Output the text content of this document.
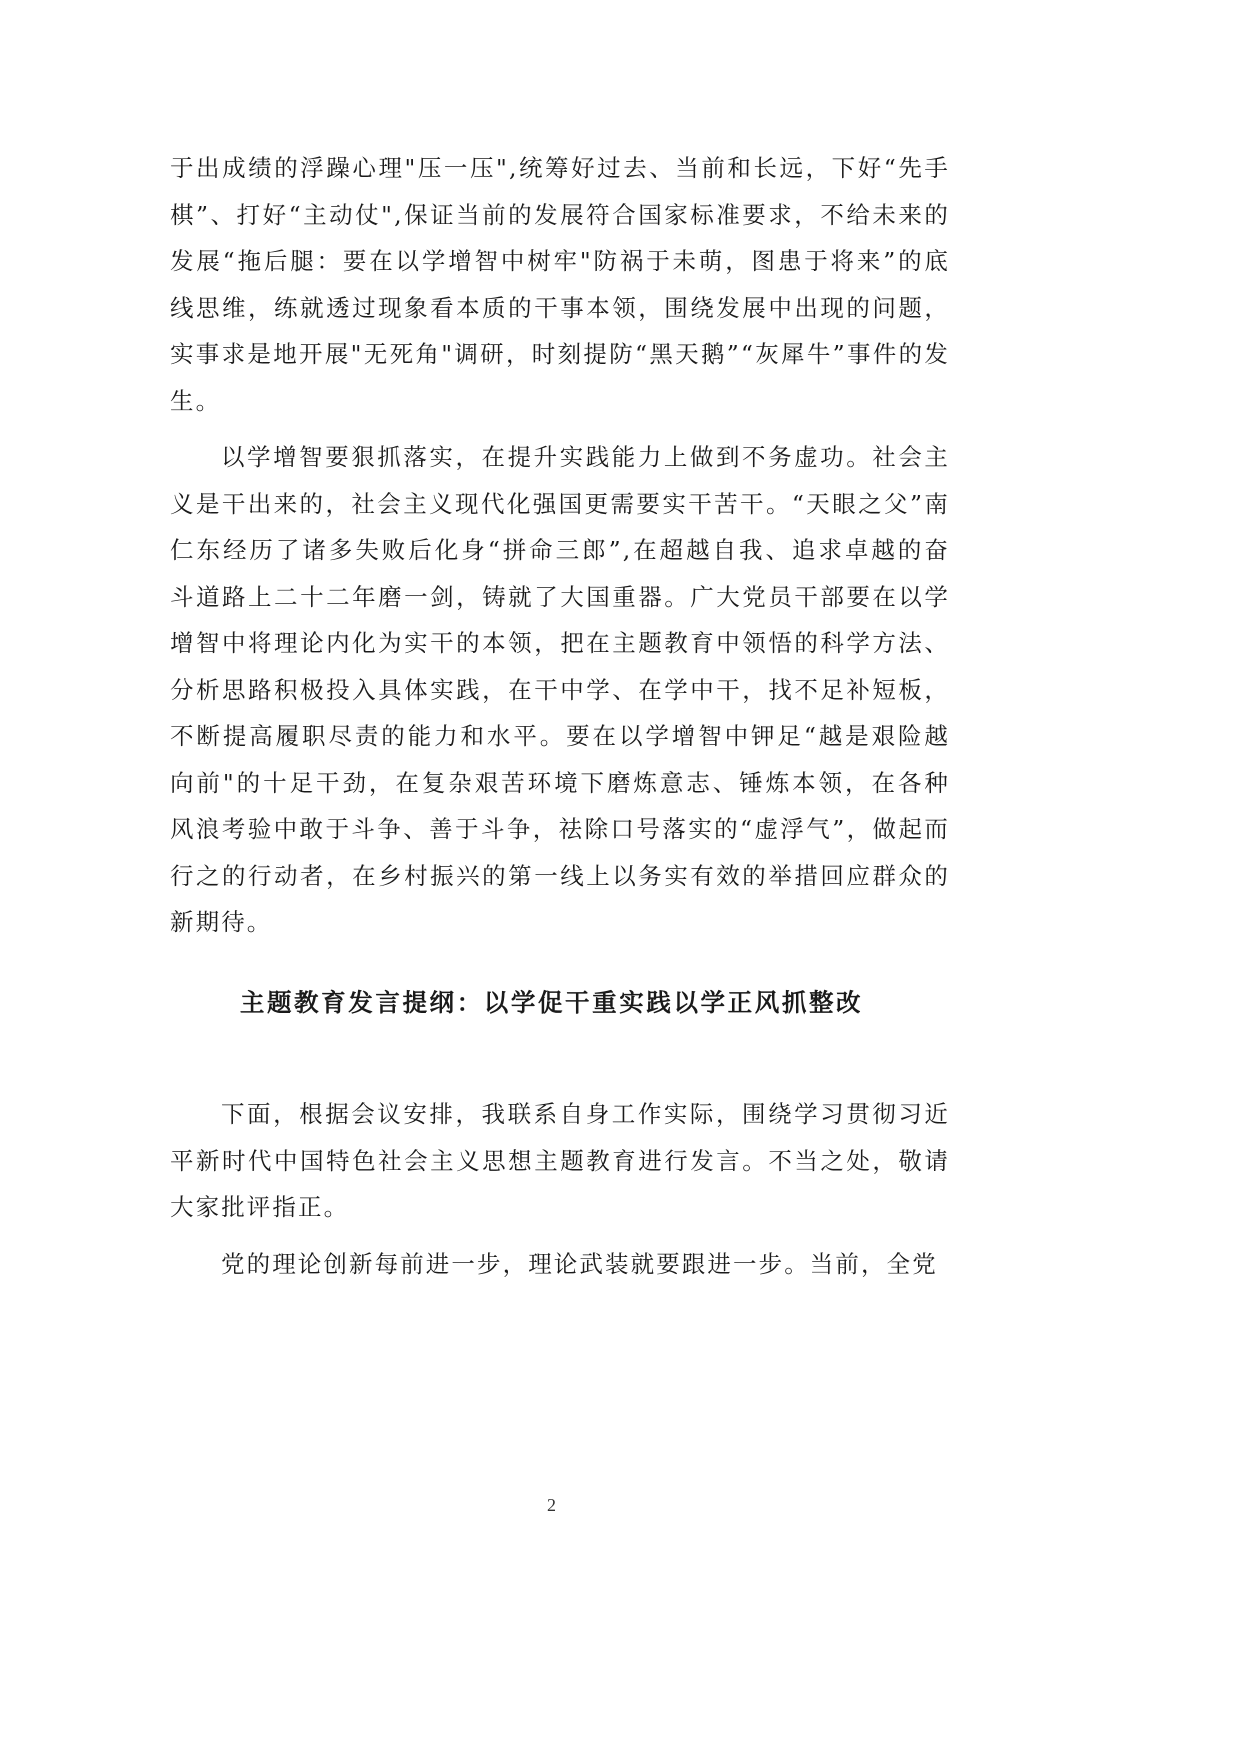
于出成绩的浮躁心理"压一压",统筹好过去、当前和长远，下好“先手棋”、打好“主动仗",保证当前的发展符合国家标准要求，不给未来的发展“拖后腿：要在以学增智中树牢"防祸于未萌，图患于将来”的底线思维，练就透过现象看本质的干事本领，围绕发展中出现的问题，实事求是地开展"无死角"调研，时刻提防“黑天鹅”“灰犀牛”事件的发生。

以学增智要狠抓落实，在提升实践能力上做到不务虚功。社会主义是干出来的，社会主义现代化强国更需要实干苦干。“天眼之父”南仁东经历了诸多失败后化身“拼命三郎”,在超越自我、追求卓越的奋斗道路上二十二年磨一剑，铸就了大国重器。广大党员干部要在以学增智中将理论内化为实干的本领，把在主题教育中领悟的科学方法、分析思路积极投入具体实践，在干中学、在学中干，找不足补短板，不断提高履职尽责的能力和水平。要在以学增智中钾足“越是艰险越向前"的十足干劲，在复杂艰苦环境下磨炼意志、锤炼本领，在各种风浪考验中敢于斗争、善于斗争，祛除口号落实的“虚浮气”，做起而行之的行动者，在乡村振兴的第一线上以务实有效的举措回应群众的新期待。

主题教育发言提纲：以学促干重实践以学正风抓整改

下面，根据会议安排，我联系自身工作实际，围绕学习贯彻习近平新时代中国特色社会主义思想主题教育进行发言。不当之处，敬请大家批评指正。

党的理论创新每前进一步，理论武装就要跟进一步。当前，全党

2
